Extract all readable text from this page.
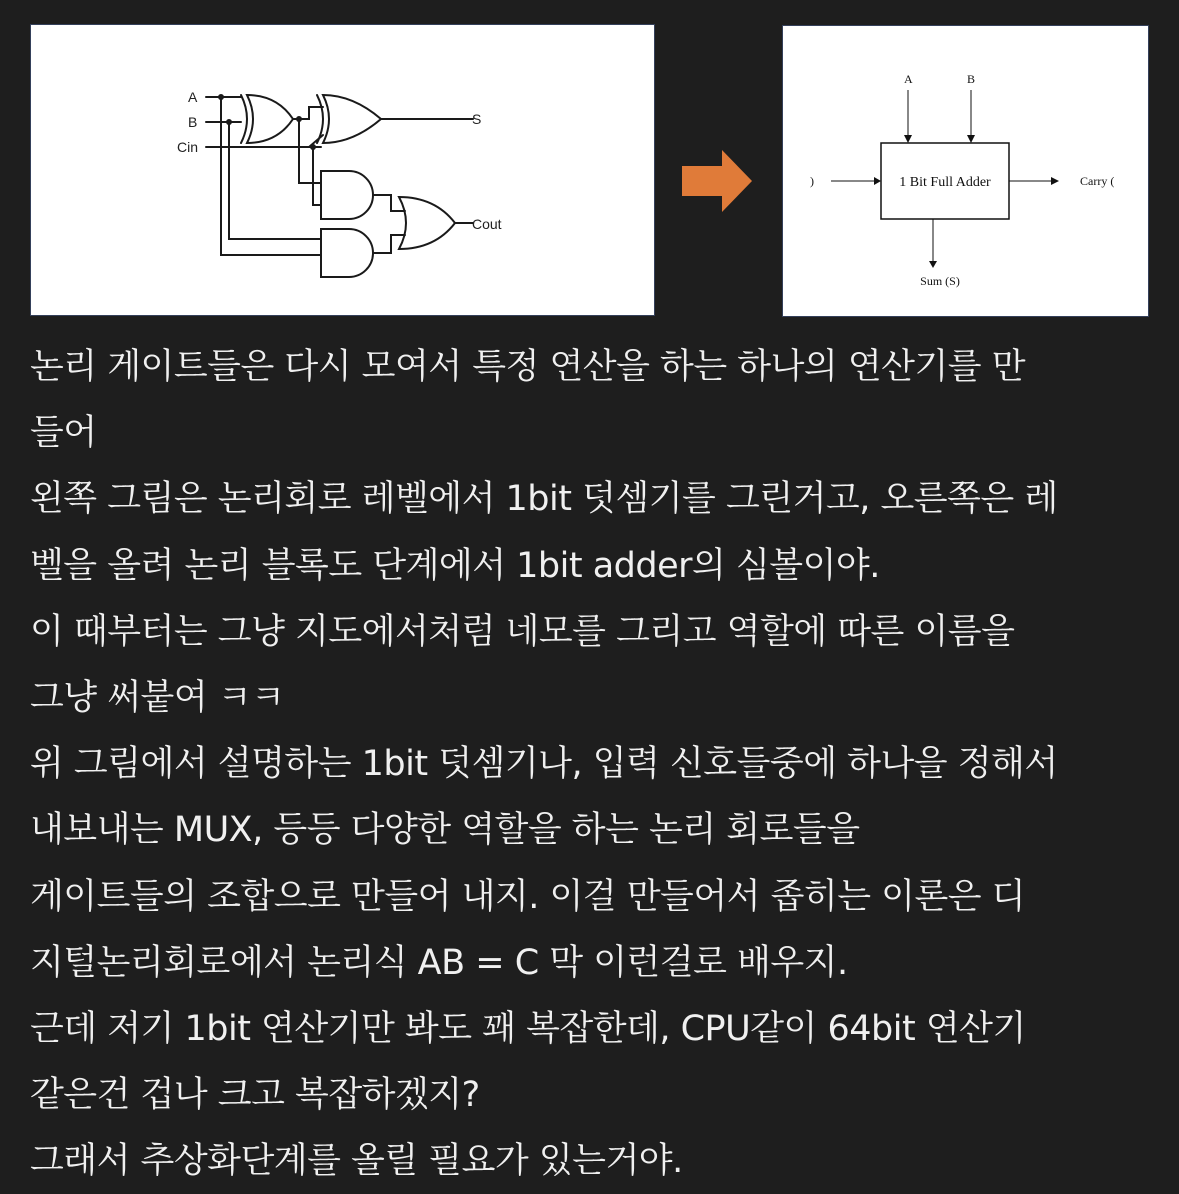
A
B
Cin
S
Cout
A	B
)	1 Bit Full Adder	Carry (
Sum (S)
논리 게이트들은 다시 모여서 특정 연산을 하는 하나의 연산기를 만
들어
왼쪽 그림은 논리회로 레벨에서 1bit 덧셈기를 그린거고, 오른쪽은 레
벨을 올려 논리 블록도 단계에서 1bit adder의 심볼이야.
이 때부터는 그냥 지도에서처럼 네모를 그리고 역할에 따른 이름을
그냥 써붙여 ㅋㅋ
위 그림에서 설명하는 1bit 덧셈기나, 입력 신호들중에 하나을 정해서
내보내는 MUX, 등등 다양한 역할을 하는 논리 회로들을
게이트들의 조합으로 만들어 내지. 이걸 만들어서 좁히는 이론은 디
지털논리회로에서 논리식 AB = C 막 이런걸로 배우지.
근데 저기 1bit 연산기만 봐도 꽤 복잡한데, CPU같이 64bit 연산기
같은건 겁나 크고 복잡하겠지?
그래서 추상화단계를 올릴 필요가 있는거야.
